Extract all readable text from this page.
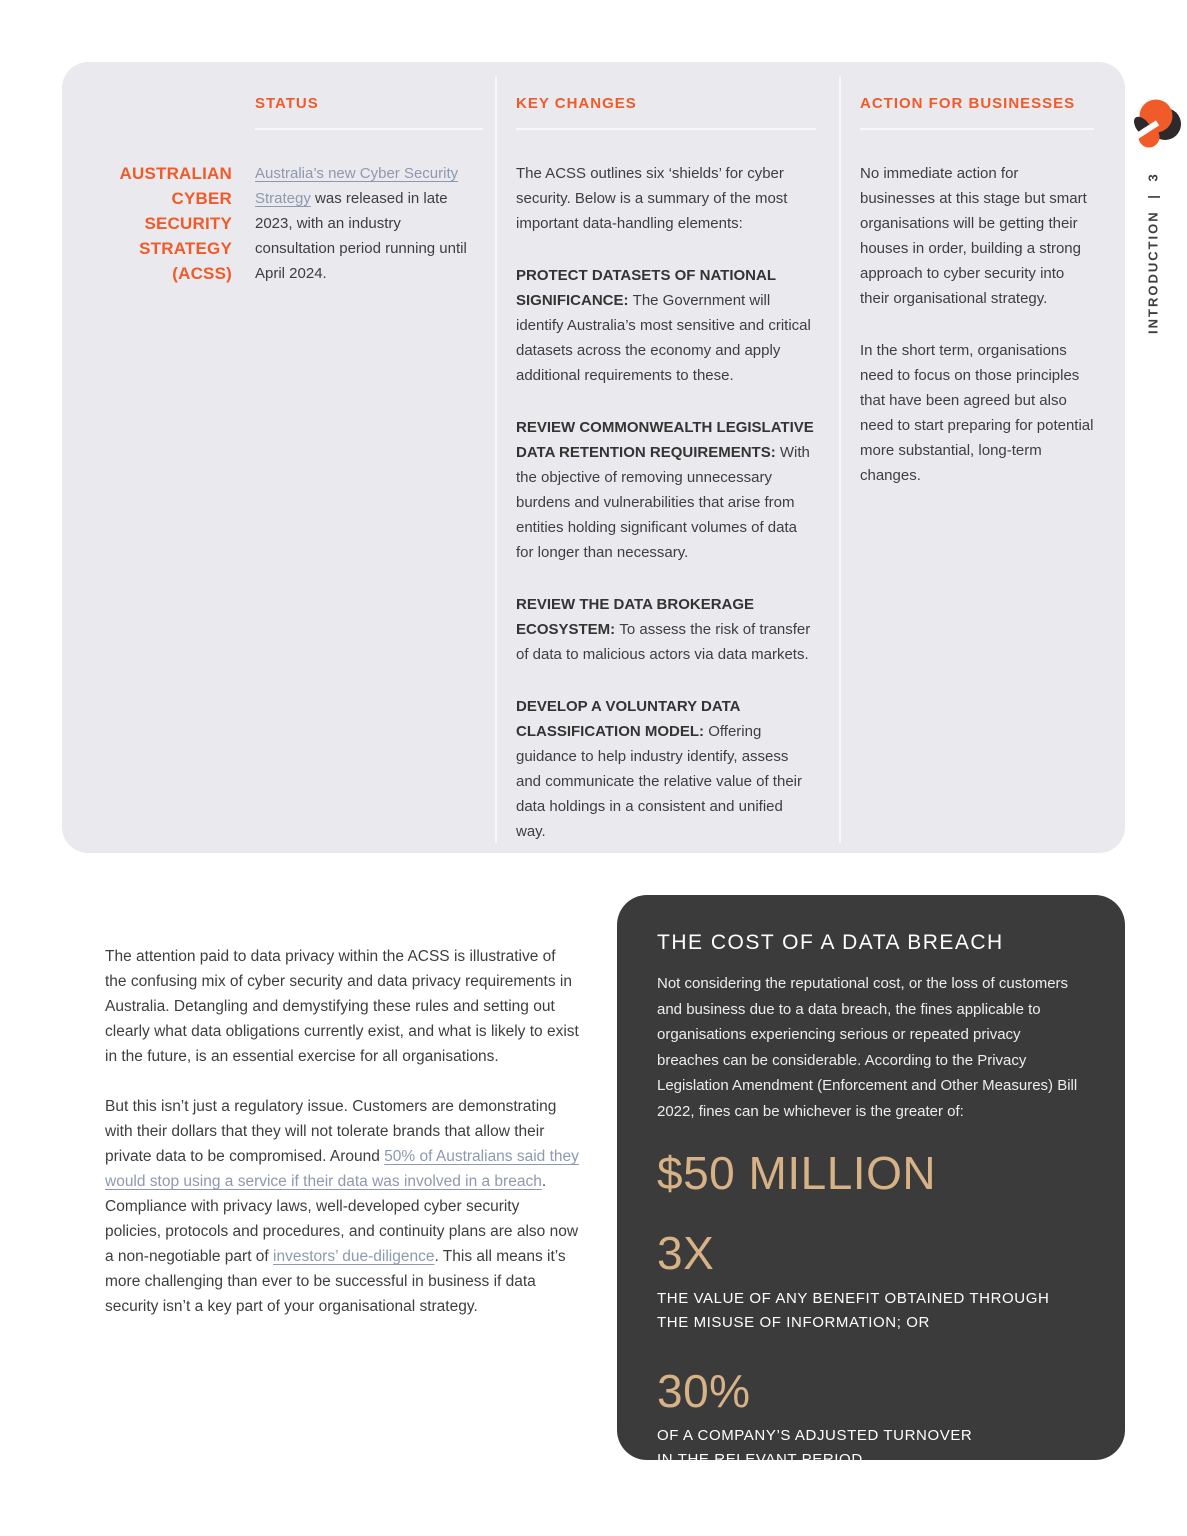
AUSTRALIAN
CYBER SECURITY
STRATEGY (ACSS)
STATUS

Australia’s new Cyber Security Strategy was released in late 2023, with an industry consultation period running until April 2024.

KEY CHANGES

The ACSS outlines six ‘shields’ for cyber security. Below is a summary of the most important data-handling elements:

PROTECT DATASETS OF NATIONAL SIGNIFICANCE: The Government will identify Australia’s most sensitive and critical datasets across the economy and apply additional requirements to these.

REVIEW COMMONWEALTH LEGISLATIVE DATA RETENTION REQUIREMENTS: With the objective of removing unnecessary burdens and vulnerabilities that arise from entities holding significant volumes of data for longer than necessary.

REVIEW THE DATA BROKERAGE ECOSYSTEM: To assess the risk of transfer of data to malicious actors via data markets.

DEVELOP A VOLUNTARY DATA CLASSIFICATION MODEL: Offering guidance to help industry identify, assess and communicate the relative value of their data holdings in a consistent and unified way.

ACTION FOR BUSINESSES

No immediate action for businesses at this stage but smart organisations will be getting their houses in order, building a strong approach to cyber security into their organisational strategy.

In the short term, organisations need to focus on those principles that have been agreed but also need to start preparing for potential more substantial, long-term changes.

INTRODUCTION | 3

The attention paid to data privacy within the ACSS is illustrative of the confusing mix of cyber security and data privacy requirements in Australia. Detangling and demystifying these rules and setting out clearly what data obligations currently exist, and what is likely to exist in the future, is an essential exercise for all organisations.

But this isn’t just a regulatory issue. Customers are demonstrating with their dollars that they will not tolerate brands that allow their private data to be compromised. Around 50% of Australians said they would stop using a service if their data was involved in a breach. Compliance with privacy laws, well-developed cyber security policies, protocols and procedures, and continuity plans are also now a non-negotiable part of investors’ due-diligence. This all means it’s more challenging than ever to be successful in business if data security isn’t a key part of your organisational strategy.

THE COST OF A DATA BREACH

Not considering the reputational cost, or the loss of customers and business due to a data breach, the fines applicable to organisations experiencing serious or repeated privacy breaches can be considerable. According to the Privacy Legislation Amendment (Enforcement and Other Measures) Bill 2022, fines can be whichever is the greater of:

$50 MILLION
3X
THE VALUE OF ANY BENEFIT OBTAINED THROUGH
THE MISUSE OF INFORMATION; OR
30%
OF A COMPANY’S ADJUSTED TURNOVER
IN THE RELEVANT PERIOD.
